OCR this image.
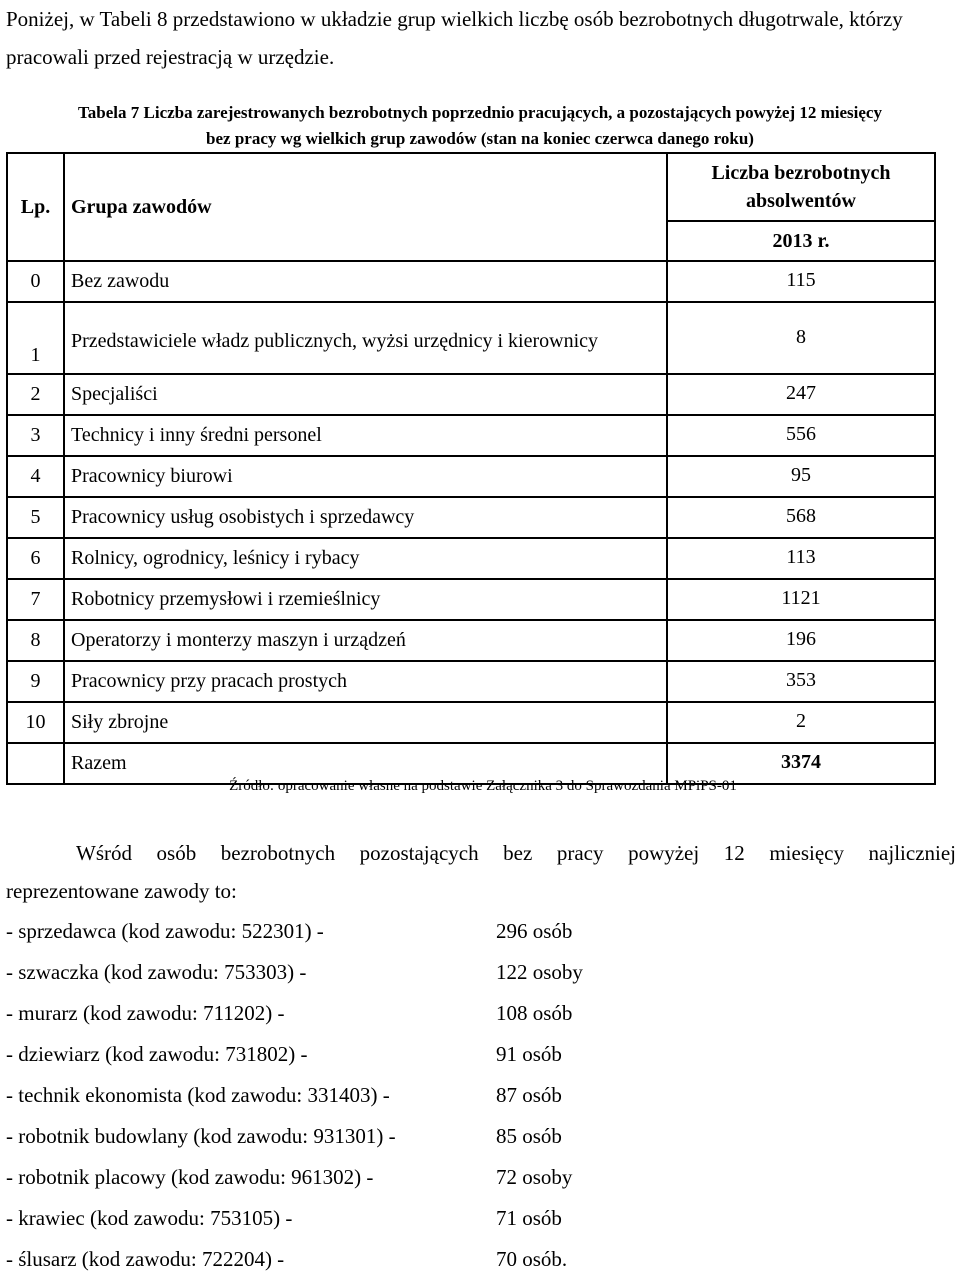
Poniżej, w Tabeli 8 przedstawiono w układzie grup wielkich liczbę osób bezrobotnych długotrwale, którzy pracowali przed rejestracją w urzędzie.
Tabela 7 Liczba zarejestrowanych bezrobotnych poprzednio pracujących, a pozostających powyżej 12 miesięcy
bez pracy wg wielkich grup zawodów (stan na koniec czerwca danego roku)
Lp.	Grupa zawodów	Liczba bezrobotnych absolwentów
		2013 r.
0	Bez zawodu	115
1	Przedstawiciele władz publicznych, wyżsi urzędnicy i kierownicy	8
2	Specjaliści	247
3	Technicy i inny średni personel	556
4	Pracownicy biurowi	95
5	Pracownicy usług osobistych i sprzedawcy	568
6	Rolnicy, ogrodnicy, leśnicy i rybacy	113
7	Robotnicy przemysłowi i rzemieślnicy	1121
8	Operatorzy i monterzy maszyn i urządzeń	196
9	Pracownicy przy pracach prostych	353
10	Siły zbrojne	2
	Razem	3374
Źródło: opracowanie własne na podstawie Załącznika 3 do Sprawozdania MPiPS-01
Wśród osób bezrobotnych pozostających bez pracy powyżej 12 miesięcy najliczniej
reprezentowane zawody to:
- sprzedawca (kod zawodu: 522301) -	296 osób
- szwaczka (kod zawodu: 753303) -	122 osoby
- murarz (kod zawodu: 711202) -	108 osób
- dziewiarz (kod zawodu: 731802) -	91 osób
- technik ekonomista (kod zawodu: 331403) -	87 osób
- robotnik budowlany (kod zawodu: 931301) -	85 osób
- robotnik placowy (kod zawodu: 961302) -	72 osoby
- krawiec (kod zawodu: 753105) -	71 osób
- ślusarz (kod zawodu: 722204) -	70 osób.
